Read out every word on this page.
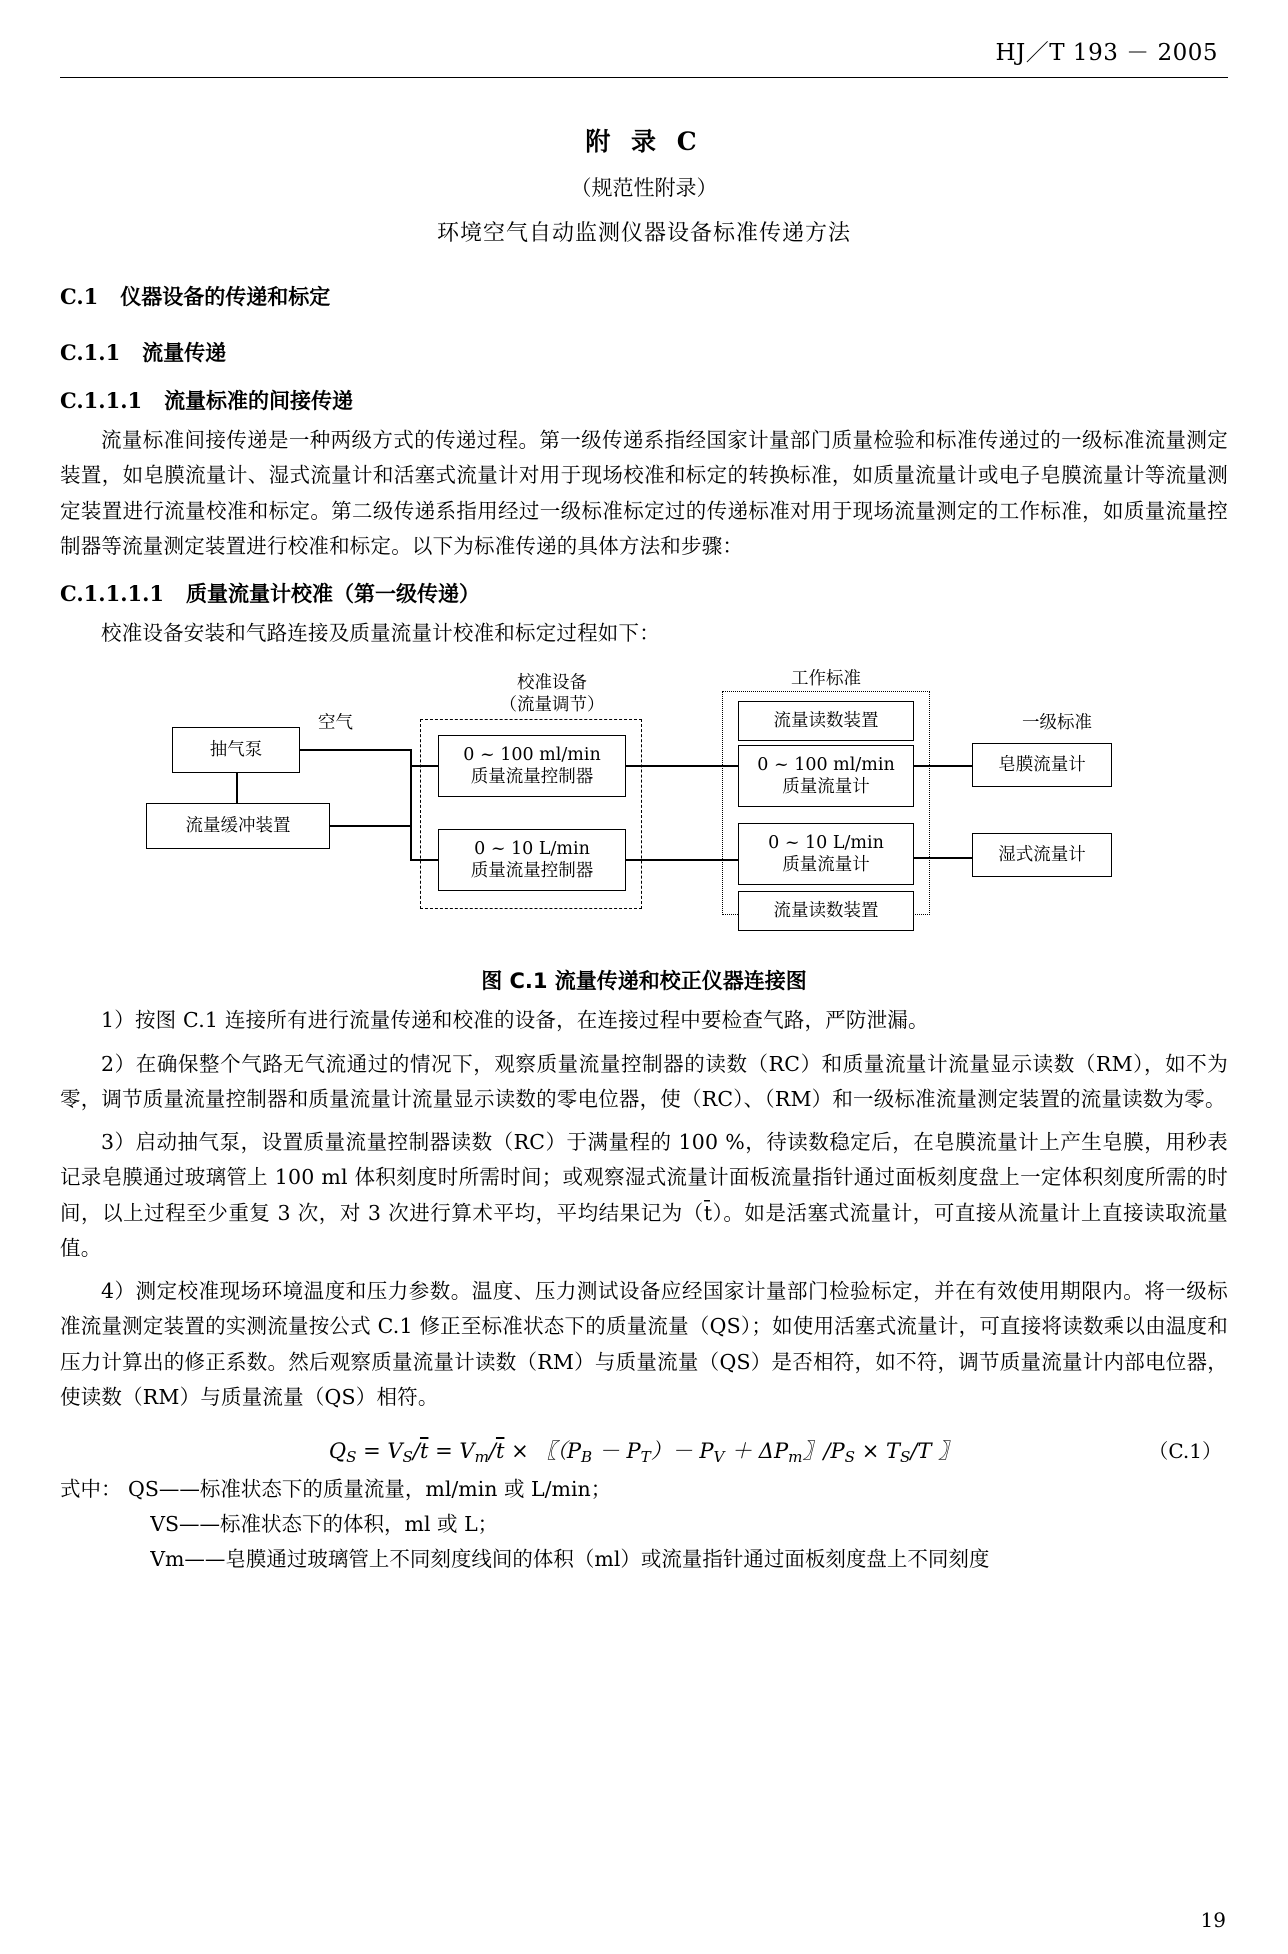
HJ／T 193 － 2005
附 录 C
（规范性附录）
环境空气自动监测仪器设备标准传递方法
C.1 仪器设备的传递和标定
C.1.1 流量传递
C.1.1.1 流量标准的间接传递
流量标准间接传递是一种两级方式的传递过程。第一级传递系指经国家计量部门质量检验和标准传递过的一级标准流量测定装置，如皂膜流量计、湿式流量计和活塞式流量计对用于现场校准和标定的转换标准，如质量流量计或电子皂膜流量计等流量测定装置进行流量校准和标定。第二级传递系指用经过一级标准标定过的传递标准对用于现场流量测定的工作标准，如质量流量控制器等流量测定装置进行校准和标定。以下为标准传递的具体方法和步骤：
C.1.1.1.1 质量流量计校准（第一级传递）
校准设备安装和气路连接及质量流量计校准和标定过程如下：
校准设备
（流量调节）
工作标准
一级标准
空气
抽气泵
流量缓冲装置
0 ~ 100 ml/min
质量流量控制器
0 ~ 10 L/min
质量流量控制器
流量读数装置
0 ~ 100 ml/min
质量流量计
0 ~ 10 L/min
质量流量计
流量读数装置
皂膜流量计
湿式流量计
图 C.1 流量传递和校正仪器连接图
1）按图 C.1 连接所有进行流量传递和校准的设备，在连接过程中要检查气路，严防泄漏。
2）在确保整个气路无气流通过的情况下，观察质量流量控制器的读数（RC）和质量流量计流量显示读数（RM），如不为零，调节质量流量控制器和质量流量计流量显示读数的零电位器，使（RC）、（RM）和一级标准流量测定装置的流量读数为零。
3）启动抽气泵，设置质量流量控制器读数（RC）于满量程的 100 %，待读数稳定后，在皂膜流量计上产生皂膜，用秒表记录皂膜通过玻璃管上 100 ml 体积刻度时所需时间；或观察湿式流量计面板流量指针通过面板刻度盘上一定体积刻度所需的时间，以上过程至少重复 3 次，对 3 次进行算术平均，平均结果记为（t̄）。如是活塞式流量计，可直接从流量计上直接读取流量值。
4）测定校准现场环境温度和压力参数。温度、压力测试设备应经国家计量部门检验标定，并在有效使用期限内。将一级标准流量测定装置的实测流量按公式 C.1 修正至标准状态下的质量流量（QS）；如使用活塞式流量计，可直接将读数乘以由温度和压力计算出的修正系数。然后观察质量流量计读数（RM）与质量流量（QS）是否相符，如不符，调节质量流量计内部电位器，使读数（RM）与质量流量（QS）相符。
$Q_S = V_S/\overline{t} = V_m/\overline{t}$ × 〖$(P_B - P_T)- P_V + \Delta P_m$〗$/P_S \times T_S/T$ 〗	（C.1）
式中： QS——标准状态下的质量流量，ml/min 或 L/min；
VS——标准状态下的体积，ml 或 L；
Vm——皂膜通过玻璃管上不同刻度线间的体积（ml）或流量指针通过面板刻度盘上不同刻度
19
